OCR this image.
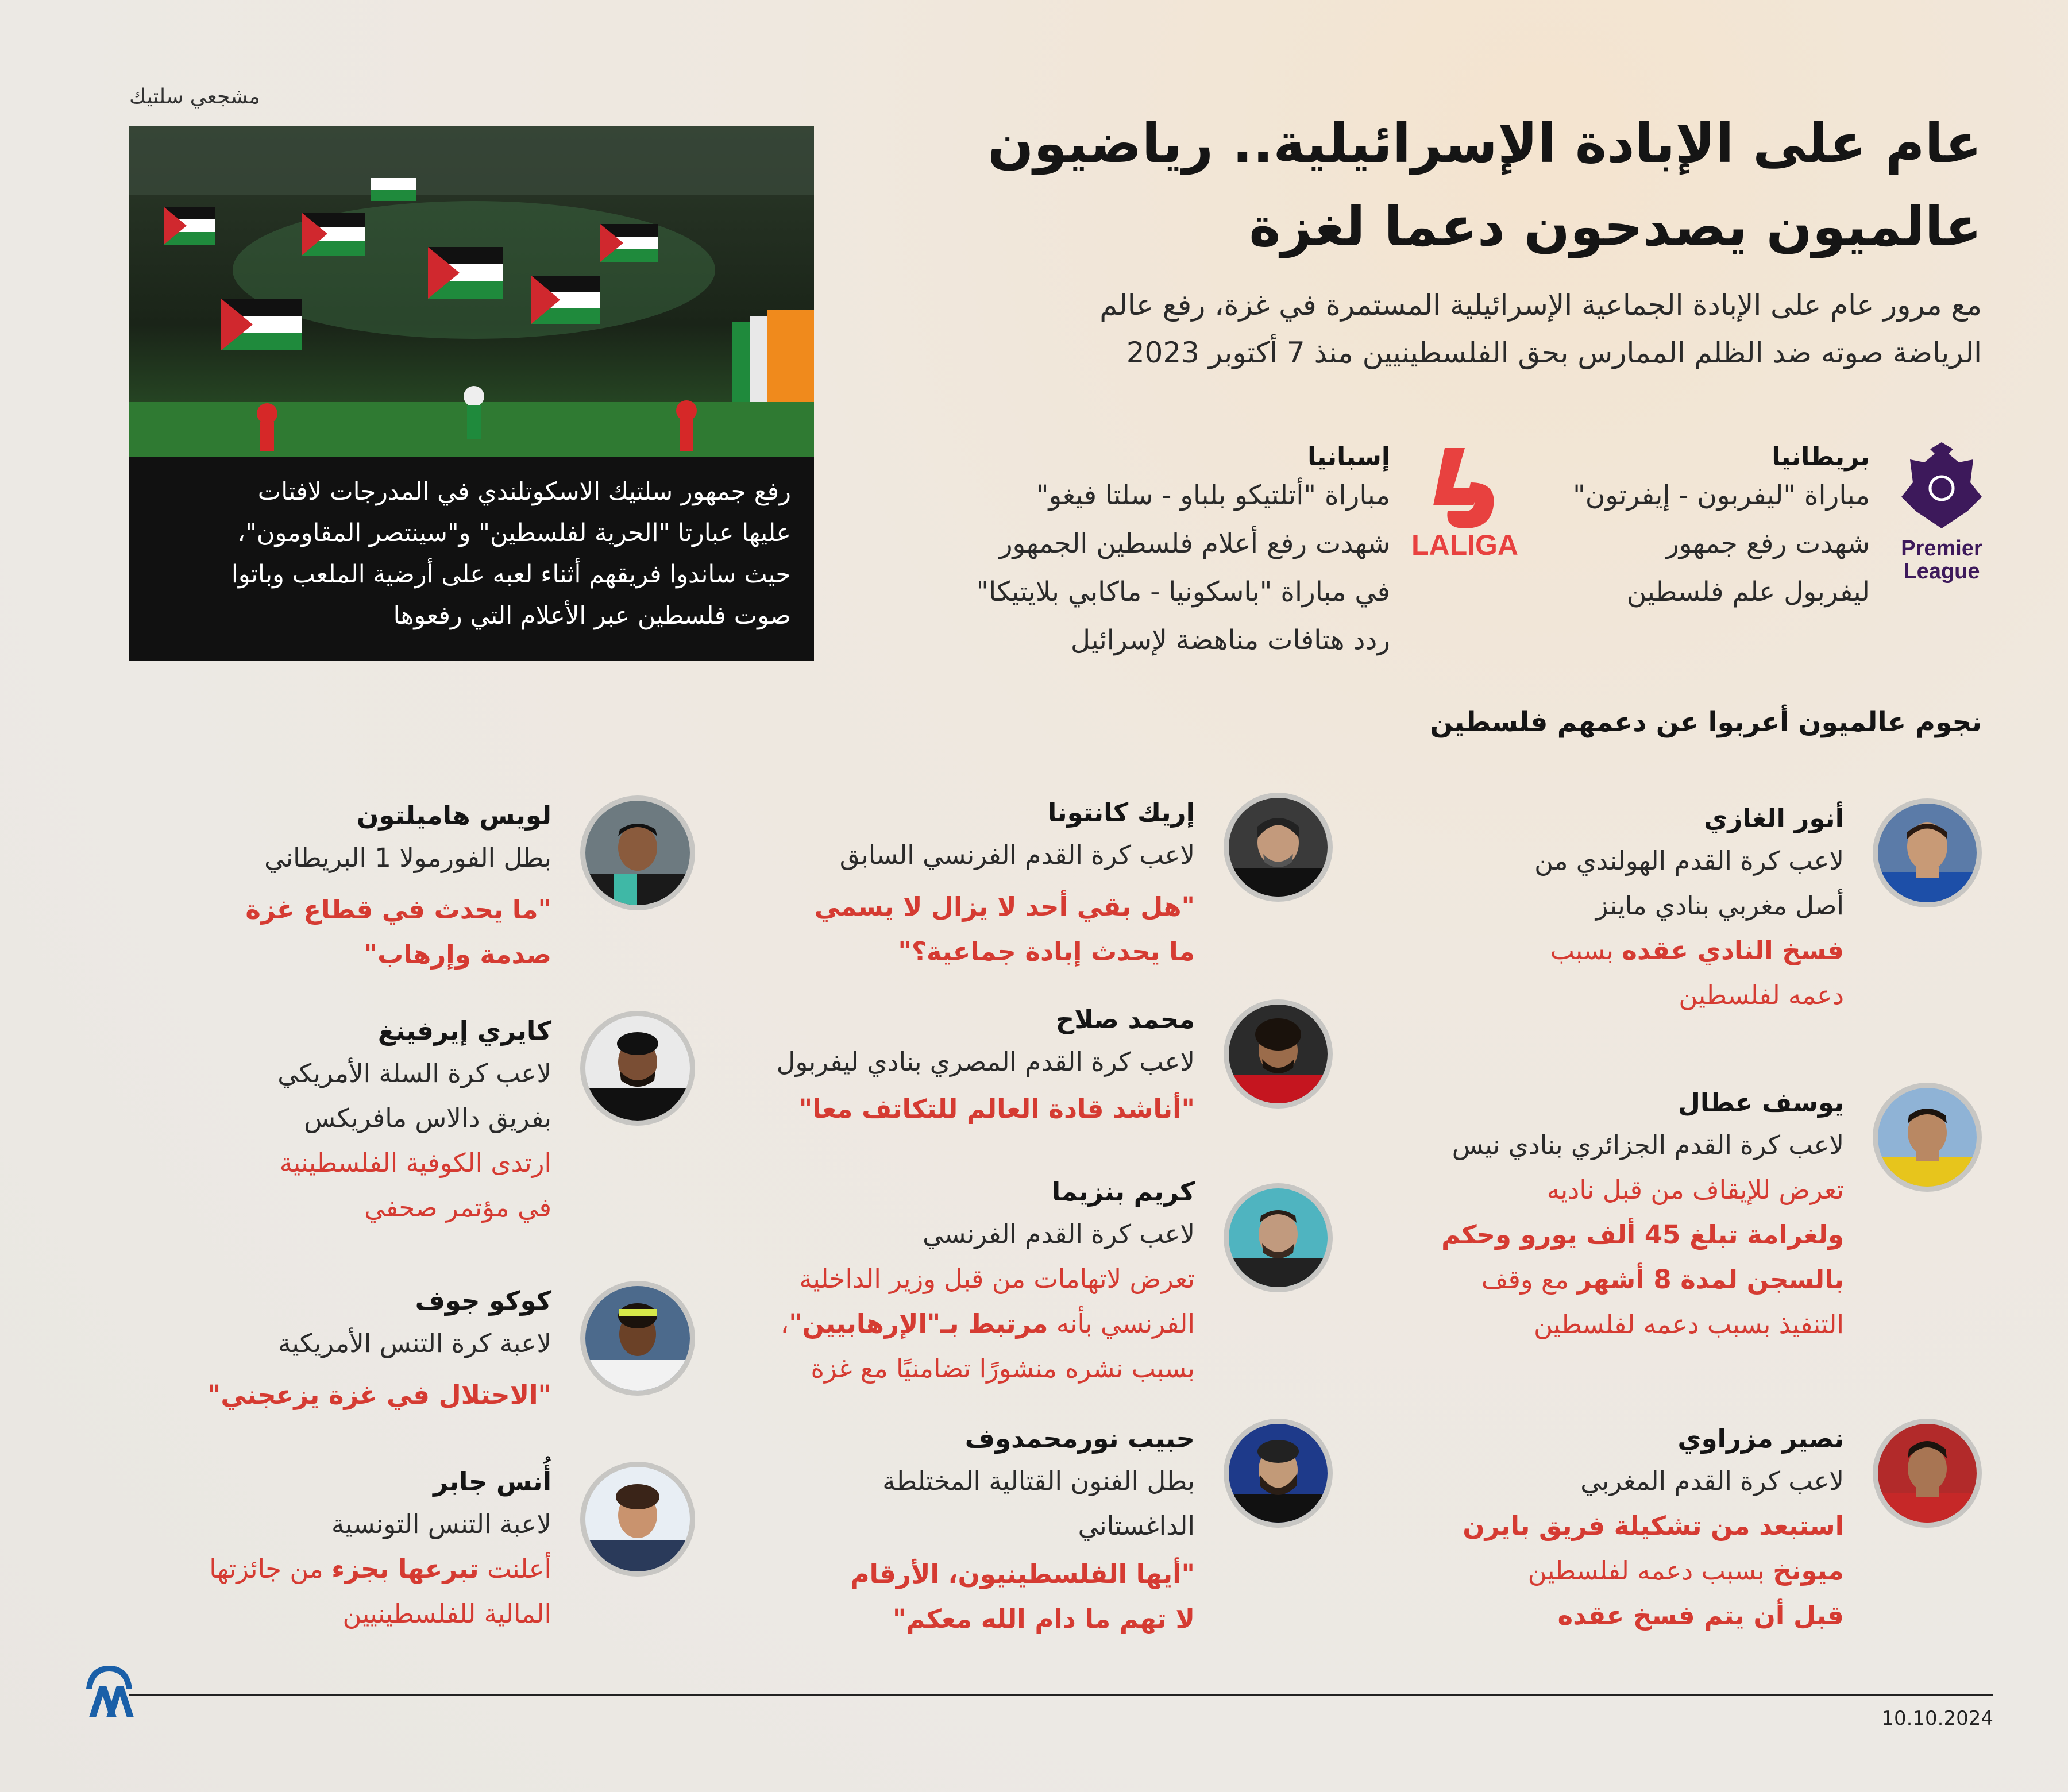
عام على الإبادة الإسرائيلية.. رياضيون
عالميون يصدحون دعما لغزة
مع مرور عام على الإبادة الجماعية الإسرائيلية المستمرة في غزة، رفع عالم
الرياضة صوته ضد الظلم الممارس بحق الفلسطينيين منذ 7 أكتوبر 2023
مشجعي سلتيك
رفع جمهور سلتيك الاسكوتلندي في المدرجات لافتات
عليها عبارتا "الحرية لفلسطين" و"سينتصر المقاومون"،
حيث ساندوا فريقهم أثناء لعبه على أرضية الملعب وباتوا
صوت فلسطين عبر الأعلام التي رفعوها
Premier
League
بريطانيا
مباراة "ليفربون - إيفرتون"
شهدت رفع جمهور
ليفربول علم فلسطين
LALIGA
إسبانيا
مباراة "أتلتيكو بلباو - سلتا فيغو"
شهدت رفع أعلام فلسطين الجمهور
في مباراة "باسكونيا - ماكابي بلايتيكا"
ردد هتافات مناهضة لإسرائيل
نجوم عالميون أعربوا عن دعمهم فلسطين
أنور الغازي
لاعب كرة القدم الهولندي من
أصل مغربي بنادي ماينز
فسخ النادي عقده بسبب
دعمه لفلسطين
يوسف عطال
لاعب كرة القدم الجزائري بنادي نيس
تعرض للإيقاف من قبل ناديه
ولغرامة تبلغ 45 ألف يورو وحكم
بالسجن لمدة 8 أشهر مع وقف
التنفيذ بسبب دعمه لفلسطين
نصير مزراوي
لاعب كرة القدم المغربي
استبعد من تشكيلة فريق بايرن
ميونخ بسبب دعمه لفلسطين
قبل أن يتم فسخ عقده
إريك كانتونا
لاعب كرة القدم الفرنسي السابق
"هل بقي أحد لا يزال لا يسمي
ما يحدث إبادة جماعية؟"
محمد صلاح
لاعب كرة القدم المصري بنادي ليفربول
"أناشد قادة العالم للتكاتف معا"
كريم بنزيما
لاعب كرة القدم الفرنسي
تعرض لاتهامات من قبل وزير الداخلية
الفرنسي بأنه مرتبط بـ"الإرهابيين"،
بسبب نشره منشورًا تضامنيًا مع غزة
حبيب نورمحمدوف
بطل الفنون القتالية المختلطة
الداغستاني
"أيها الفلسطينيون، الأرقام
لا تهم ما دام الله معكم"
لويس هاميلتون
بطل الفورمولا 1 البريطاني
"ما يحدث في قطاع غزة
صدمة وإرهاب"
كايري إيرفينغ
لاعب كرة السلة الأمريكي
بفريق دالاس مافريكس
ارتدى الكوفية الفلسطينية
في مؤتمر صحفي
كوكو جوف
لاعبة كرة التنس الأمريكية
"الاحتلال في غزة يزعجني"
أُنس جابر
لاعبة التنس التونسية
أعلنت تبرعها بجزء من جائزتها
المالية للفلسطينيين
10.10.2024
